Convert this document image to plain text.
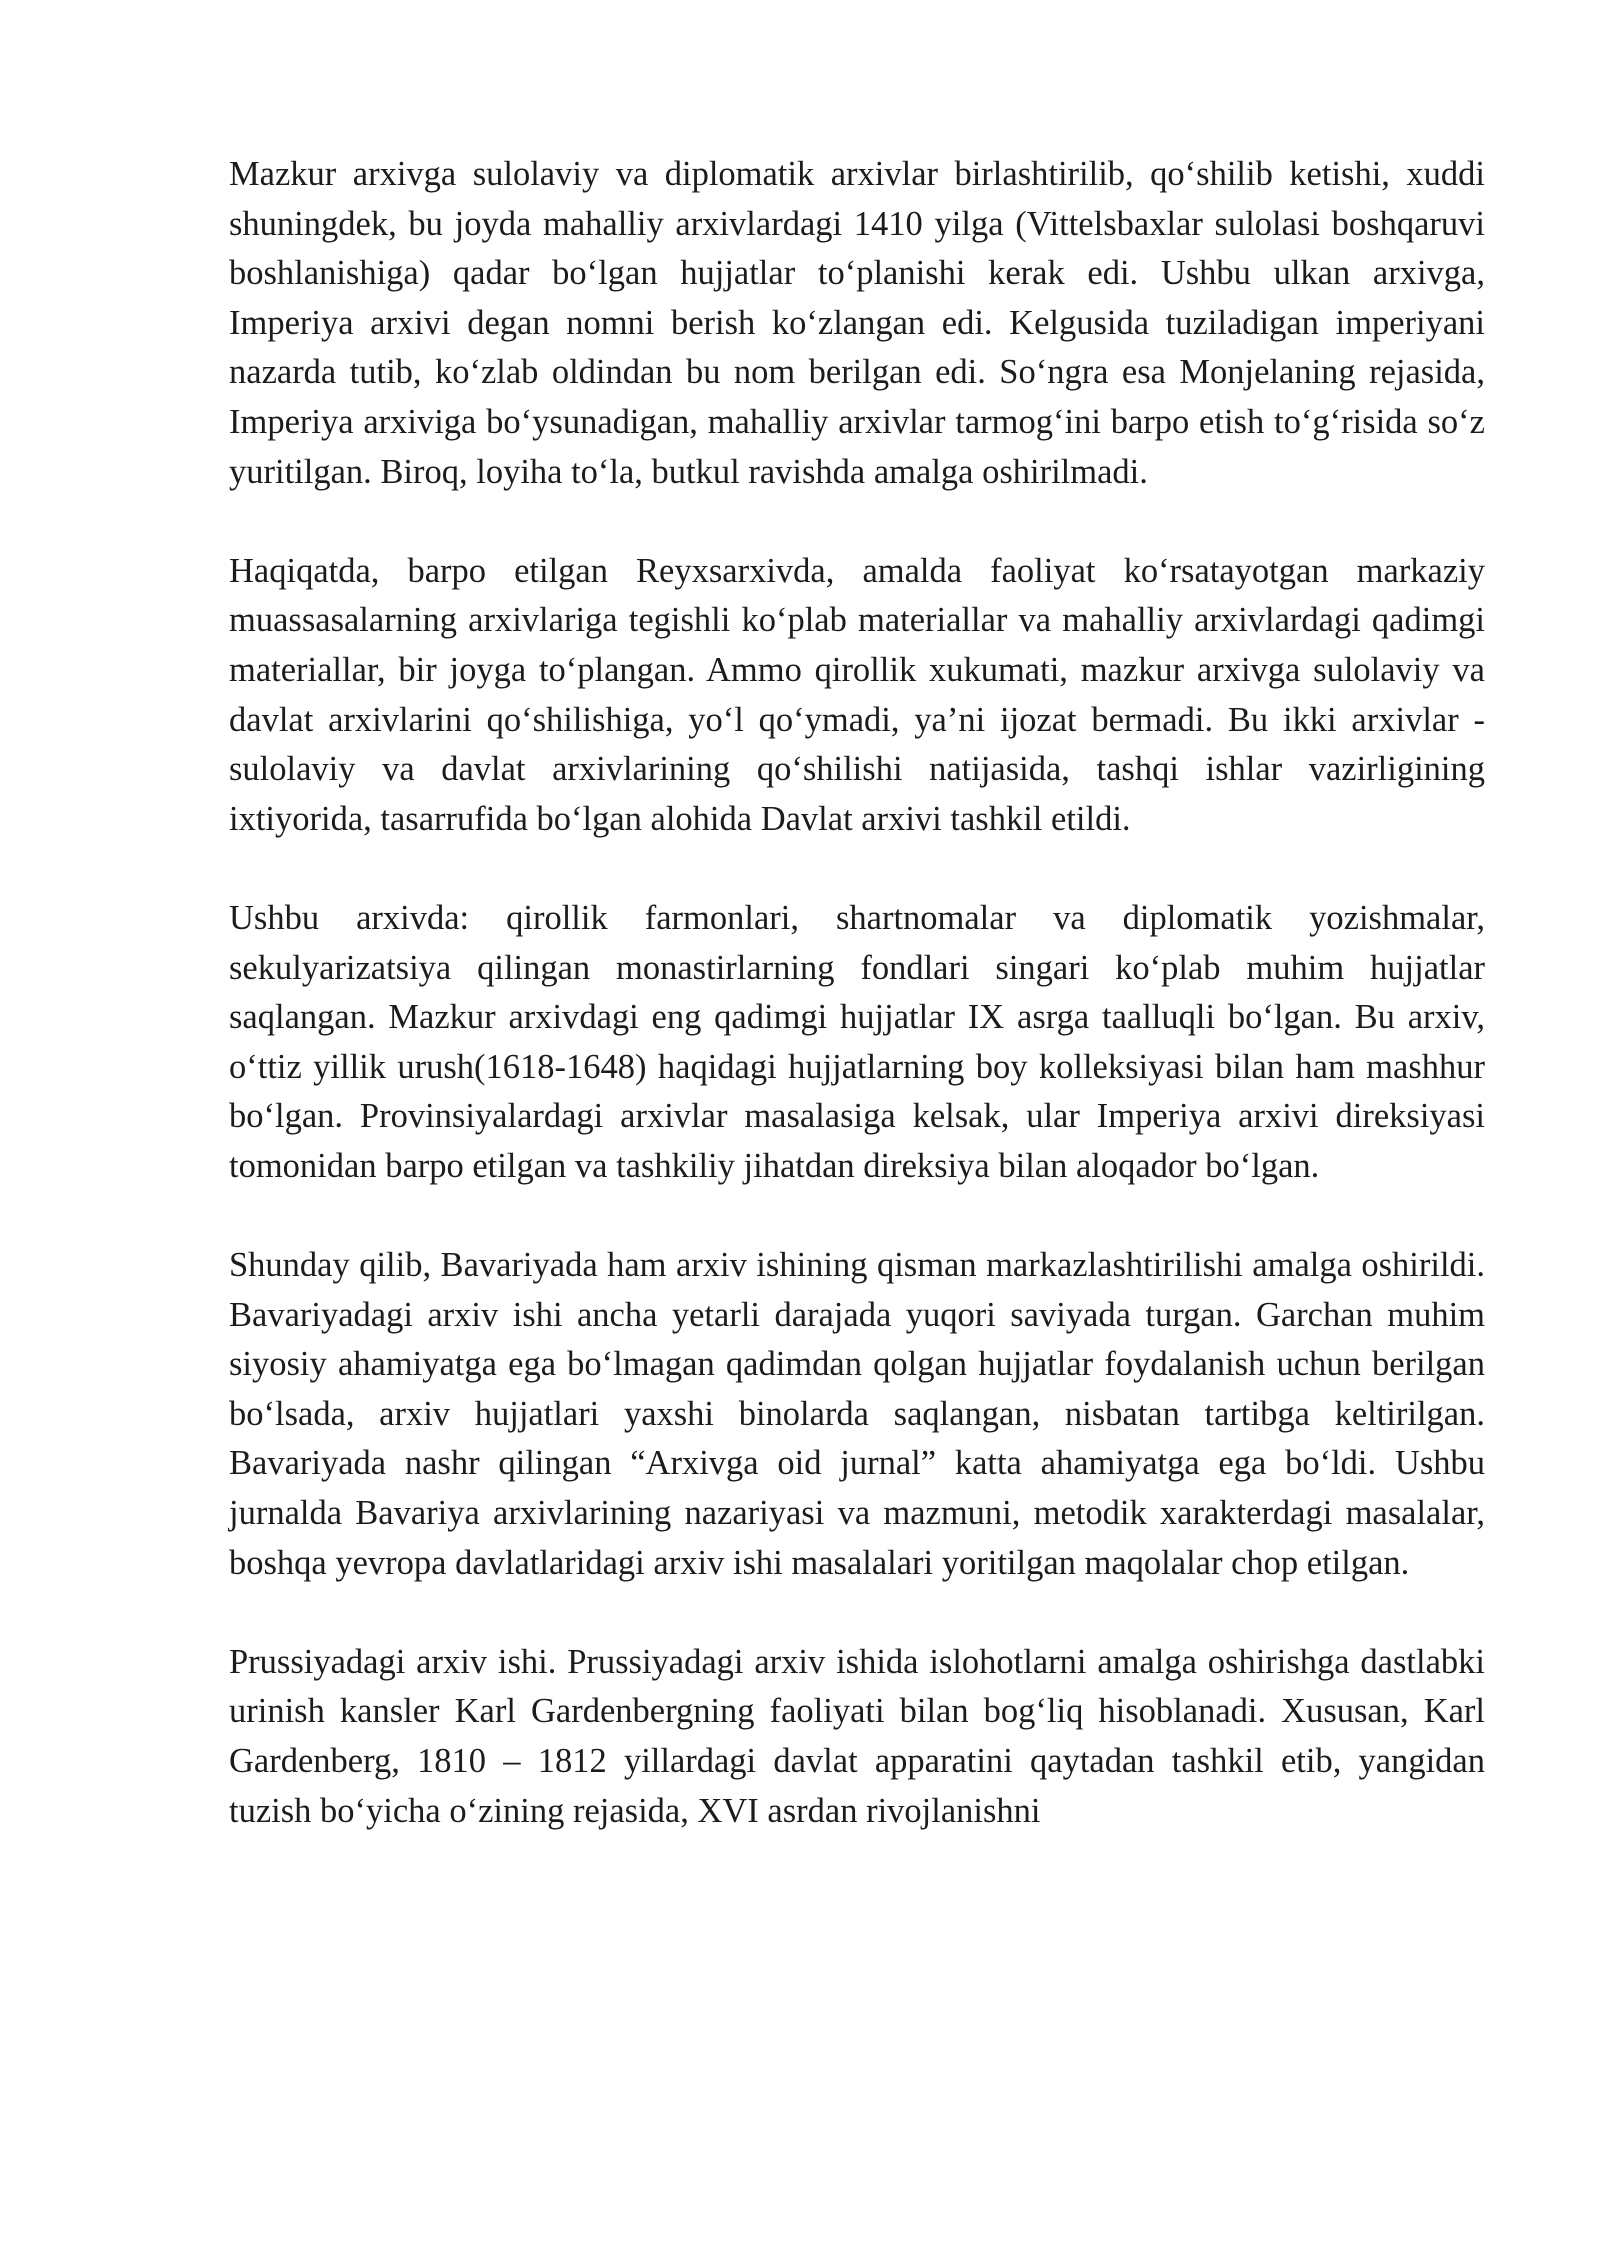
Mazkur arxivga sulolaviy va diplomatik arxivlar birlashtirilib, qo‘shilib ketishi, xuddi shuningdek, bu joyda mahalliy arxivlardagi 1410 yilga (Vittelsbaxlar sulolasi boshqaruvi boshlanishiga) qadar bo‘lgan hujjatlar to‘planishi kerak edi. Ushbu ulkan arxivga, Imperiya arxivi degan nomni berish ko‘zlangan edi. Kelgusida tuziladigan imperiyani nazarda tutib, ko‘zlab oldindan bu nom berilgan edi. So‘ngra esa Monjelaning rejasida, Imperiya arxiviga bo‘ysunadigan, mahalliy arxivlar tarmog‘ini barpo etish to‘g‘risida so‘z yuritilgan. Biroq, loyiha to‘la, butkul ravishda amalga oshirilmadi.

Haqiqatda, barpo etilgan Reyxsarxivda, amalda faoliyat ko‘rsatayotgan markaziy muassasalarning arxivlariga tegishli ko‘plab materiallar va mahalliy arxivlardagi qadimgi materiallar, bir joyga to‘plangan. Ammo qirollik xukumati, mazkur arxivga sulolaviy va davlat arxivlarini qo‘shilishiga, yo‘l qo‘ymadi, ya’ni ijozat bermadi. Bu ikki arxivlar - sulolaviy va davlat arxivlarining qo‘shilishi natijasida, tashqi ishlar vazirligining ixtiyorida, tasarrufida bo‘lgan alohida Davlat arxivi tashkil etildi.

Ushbu arxivda: qirollik farmonlari, shartnomalar va diplomatik yozishmalar, sekulyarizatsiya qilingan monastirlarning fondlari singari ko‘plab muhim hujjatlar saqlangan. Mazkur arxivdagi eng qadimgi hujjatlar IX asrga taalluqli bo‘lgan. Bu arxiv, o‘ttiz yillik urush(1618-1648) haqidagi hujjatlarning boy kolleksiyasi bilan ham mashhur bo‘lgan. Provinsiyalardagi arxivlar masalasiga kelsak, ular Imperiya arxivi direksiyasi tomonidan barpo etilgan va tashkiliy jihatdan direksiya bilan aloqador bo‘lgan.

Shunday qilib, Bavariyada ham arxiv ishining qisman markazlashtirilishi amalga oshirildi. Bavariyadagi arxiv ishi ancha yetarli darajada yuqori saviyada turgan. Garchan muhim siyosiy ahamiyatga ega bo‘lmagan qadimdan qolgan hujjatlar foydalanish uchun berilgan bo‘lsada, arxiv hujjatlari yaxshi binolarda saqlangan, nisbatan tartibga keltirilgan. Bavariyada nashr qilingan “Arxivga oid jurnal” katta ahamiyatga ega bo‘ldi. Ushbu jurnalda Bavariya arxivlarining nazariyasi va mazmuni, metodik xarakterdagi masalalar, boshqa yevropa davlatlaridagi arxiv ishi masalalari yoritilgan maqolalar chop etilgan.

Prussiyadagi arxiv ishi. Prussiyadagi arxiv ishida islohotlarni amalga oshirishga dastlabki urinish kansler Karl Gardenbergning faoliyati bilan bog‘liq hisoblanadi. Xususan, Karl Gardenberg, 1810 – 1812 yillardagi davlat apparatini qaytadan tashkil etib, yangidan tuzish bo‘yicha o‘zining rejasida, XVI asrdan rivojlanishni
